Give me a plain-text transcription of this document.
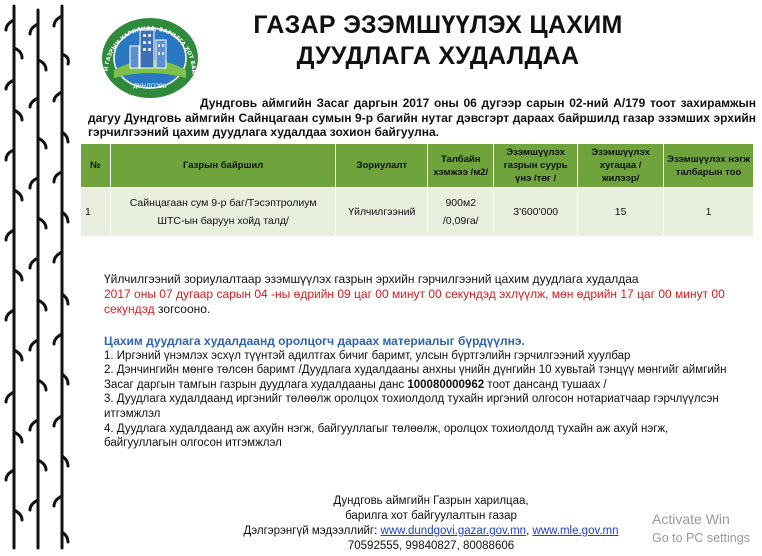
Н ГАЗРЫН ХАРИЛЦАА, БАРИЛГА ХОТ БАЙ
ДУНДГОВЬ
ГАЗАР ЭЗЭМШҮҮЛЭХ ЦАХИМ
ДУУДЛАГА ХУДАЛДАА
Дундговь аймгийн Засаг даргын 2017 оны 06 дугээр сарын 02-ний А/179 тоот захирамжын дагуу Дундговь аймгийн Сайнцагаан сумын 9-р багийн нутаг дэвсгэрт дараах байршилд газар эзэмших эрхийн гэрчилгээний цахим дуудлага худалдаа зохион байгуулна.
№	Газрын байршил	Зориулалт	Талбайн хэмжээ /м2/	Эзэмшүүлэх газрын суурь үнэ /төг /	Эзэмшүүлэх хугацаа /жилээр/	Эзэмшүүлэх нэгж талбарын тоо
1	Сайнцагаан сум 9-р баг/Тэсэптролиум ШТС-ын баруун хойд талд/	Үйлчилгээний	900м2 /0,09га/	3'600'000	15	1
Үйлчилгээний зориулалтаар эзэмшүүлэх газрын эрхийн гэрчилгээний цахим дуудлага худалдаа
2017 оны 07 дугаар сарын 04 -ны өдрийн 09 цаг 00 минут 00 секундэд эхлүүлж, мөн өдрийн 17 цаг 00 минут 00 секундэд зогсооно.
Цахим дуудлага худалдаанд оролцогч дараах материалыг бүрдүүлнэ.
1. Иргэний үнэмлэх эсхүл түүнтэй адилтгах бичиг баримт, улсын бүртгэлийн гэрчилгээний хуулбар
2. Дэнчингийн мөнгө төлсөн баримт /Дуудлага худалдааны анхны үнийн дүнгийн 10 хувьтай тэнцүү мөнгийг аймгийн Засаг даргын тамгын газрын дуудлага худалдааны данс 100080000962 тоот дансанд тушаах /
3. Дуудлага худалдаанд иргэнийг төлөөлж оролцох тохиолдолд тухайн иргэний олгосон нотариатчаар гэрчлүүлсэн итгэмжлэл
4. Дуудлага худалдаанд аж ахуйн нэгж, байгууллагыг төлөөлж, оролцох тохиолдолд тухайн аж ахуй нэгж, байгууллагын олгосон итгэмжлэл
Дундговь аймгийн Газрын харилцаа,
барилга хот байгуулалтын газар
Дэлгэрэнгүй мэдээллийг: www.dundgovi.gazar.gov.mn, www.mle.gov.mn
70592555, 99840827, 80088606
Activate Win
Go to PC settings
